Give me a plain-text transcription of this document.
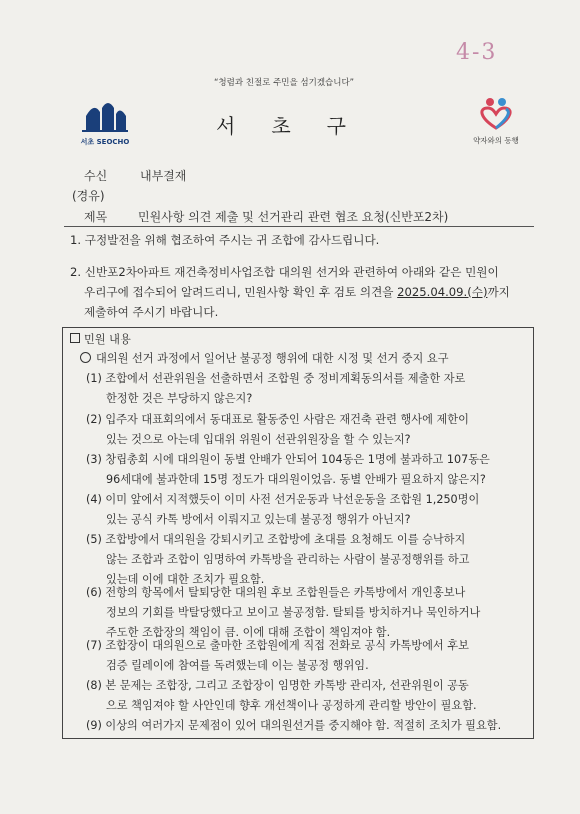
4-3
“청렴과 친절로 주민을 섬기겠습니다”
서초 SEOCHO
서초구
약자와의 동행
수신	내부결재
(경유)
제목	민원사항 의견 제출 및 선거관리 관련 협조 요청(신반포2차)
1. 구정발전을 위해 협조하여 주시는 귀 조합에 감사드립니다.
2. 신반포2차아파트 재건축정비사업조합 대의원 선거와 관련하여 아래와 같은 민원이
우리구에 접수되어 알려드리니, 민원사항 확인 후 검토 의견을 2025.04.09.(수)까지
제출하여 주시기 바랍니다.
민원 내용
대의원 선거 과정에서 일어난 불공정 행위에 대한 시정 및 선거 중지 요구
(1) 조합에서 선관위원을 선출하면서 조합원 중 정비계획동의서를 제출한 자로
한정한 것은 부당하지 않은지?
(2) 입주자 대표회의에서 동대표로 활동중인 사람은 재건축 관련 행사에 제한이
있는 것으로 아는데 입대위 위원이 선관위원장을 할 수 있는지?
(3) 창립총회 시에 대의원이 동별 안배가 안되어 104동은 1명에 불과하고 107동은
96세대에 불과한데 15명 정도가 대의원이었음. 동별 안배가 필요하지 않은지?
(4) 이미 앞에서 지적했듯이 이미 사전 선거운동과 낙선운동을 조합원 1,250명이
있는 공식 카톡 방에서 이뤄지고 있는데 불공정 행위가 아닌지?
(5) 조합방에서 대의원을 강퇴시키고 조합방에 초대를 요청해도 이를 승낙하지
않는 조합과 조합이 임명하여 카톡방을 관리하는 사람이 불공정행위를 하고
있는데 이에 대한 조치가 필요함.
(6) 전항의 항목에서 탈퇴당한 대의원 후보 조합원들은 카톡방에서 개인홍보나
정보의 기회를 박탈당했다고 보이고 불공정함. 탈퇴를 방치하거나 묵인하거나
주도한 조합장의 책임이 큼. 이에 대해 조합이 책임져야 함.
(7) 조합장이 대의원으로 출마한 조합원에게 직접 전화로 공식 카톡방에서 후보
검증 릴레이에 참여를 독려했는데 이는 불공정 행위임.
(8) 본 문제는 조합장, 그리고 조합장이 임명한 카톡방 관리자, 선관위원이 공동
으로 책임져야 할 사안인데 향후 개선책이나 공정하게 관리할 방안이 필요함.
(9) 이상의 여러가지 문제점이 있어 대의원선거를 중지해야 함. 적절히 조치가 필요함.
